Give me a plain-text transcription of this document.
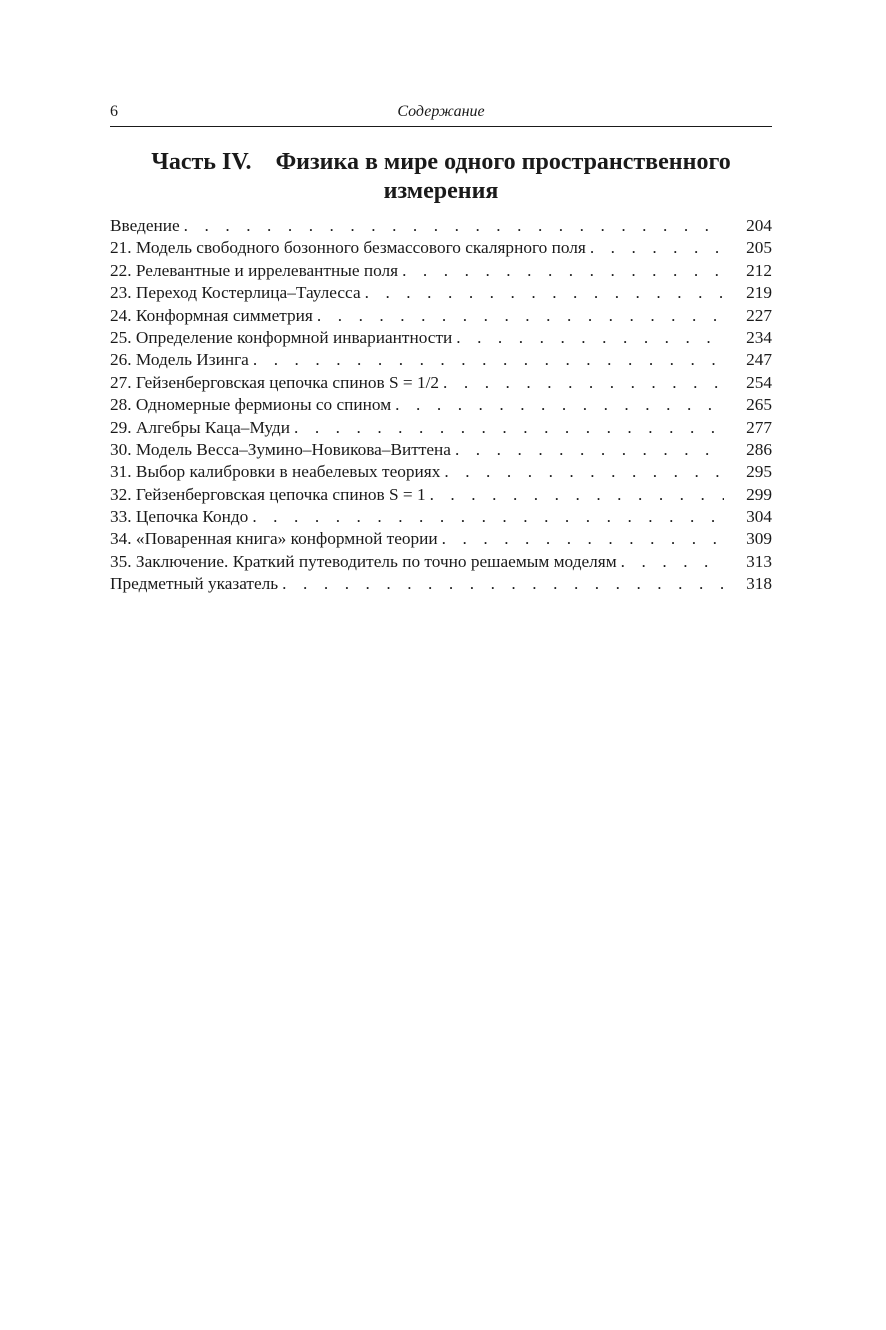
6	Содержание
Часть IV. Физика в мире одного пространственного
измерения
Введение . . .	204
21. Модель свободного бозонного безмассового скалярного поля . . .	205
22. Релевантные и иррелевантные поля . . .	212
23. Переход Костерлица–Таулесса . . .	219
24. Конформная симметрия . . .	227
25. Определение конформной инвариантности . . .	234
26. Модель Изинга . . .	247
27. Гейзенберговская цепочка спинов S = 1/2 . . .	254
28. Одномерные фермионы со спином . . .	265
29. Алгебры Каца–Муди . . .	277
30. Модель Весса–Зумино–Новикова–Виттена . . .	286
31. Выбор калибровки в неабелевых теориях . . .	295
32. Гейзенберговская цепочка спинов S = 1 . . .	299
33. Цепочка Кондо . . .	304
34. «Поваренная книга» конформной теории . . .	309
35. Заключение. Краткий путеводитель по точно решаемым моделям . . .	313
Предметный указатель . . .	318
